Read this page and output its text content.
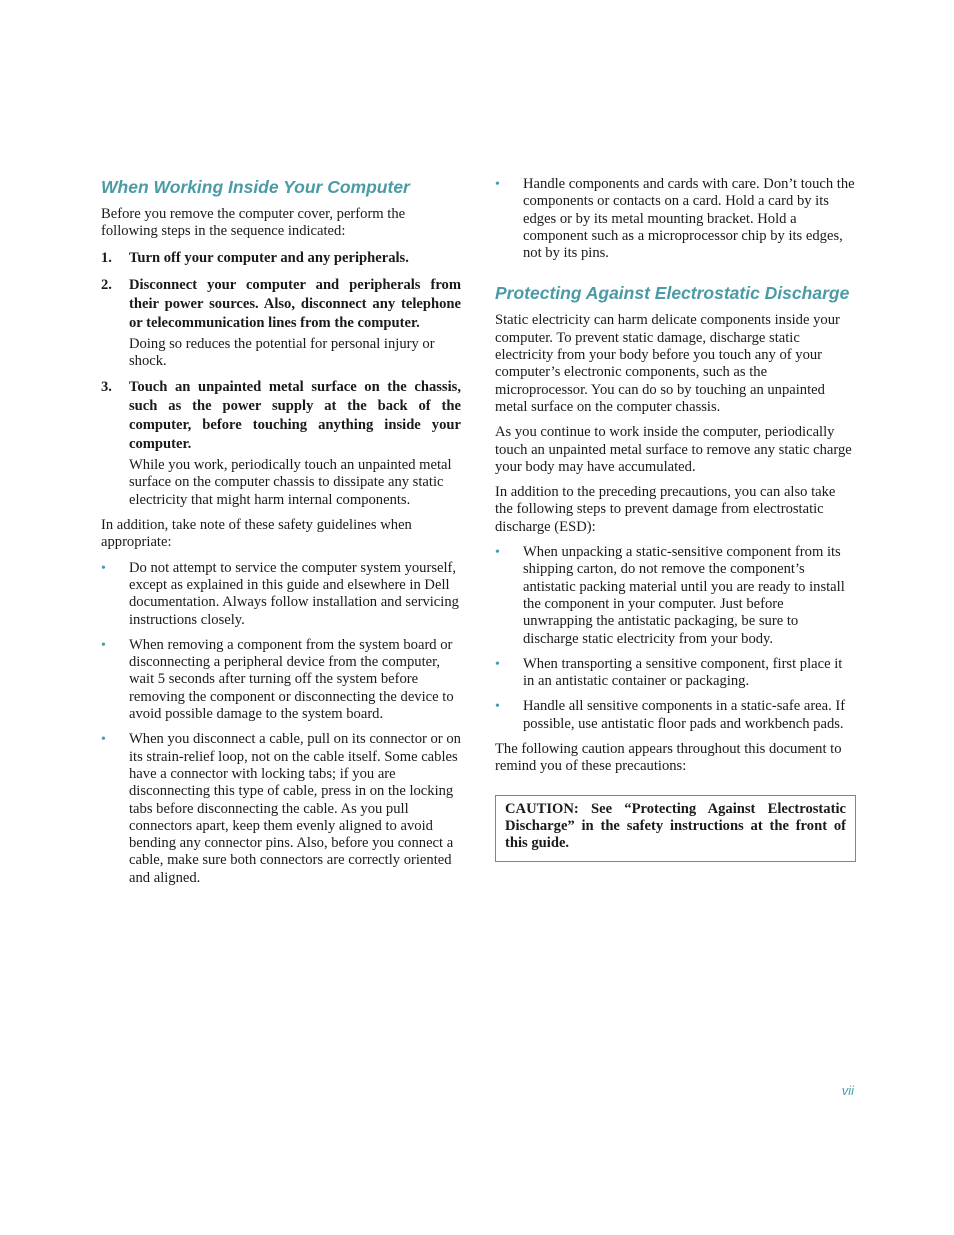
When Working Inside Your Computer

Before you remove the computer cover, perform the following steps in the sequence indicated:

1. Turn off your computer and any peripherals.

2. Disconnect your computer and peripherals from their power sources. Also, disconnect any telephone or telecommunication lines from the computer.

Doing so reduces the potential for personal injury or shock.

3. Touch an unpainted metal surface on the chassis, such as the power supply at the back of the computer, before touching anything inside your computer.

While you work, periodically touch an unpainted metal surface on the computer chassis to dissipate any static electricity that might harm internal components.

In addition, take note of these safety guidelines when appropriate:

• Do not attempt to service the computer system yourself, except as explained in this guide and elsewhere in Dell documentation. Always follow installation and servicing instructions closely.
• When removing a component from the system board or disconnecting a peripheral device from the computer, wait 5 seconds after turning off the system before removing the component or disconnecting the device to avoid possible damage to the system board.
• When you disconnect a cable, pull on its connector or on its strain-relief loop, not on the cable itself. Some cables have a connector with locking tabs; if you are disconnecting this type of cable, press in on the locking tabs before disconnecting the cable. As you pull connectors apart, keep them evenly aligned to avoid bending any connector pins. Also, before you connect a cable, make sure both connectors are correctly oriented and aligned.
• Handle components and cards with care. Don’t touch the components or contacts on a card. Hold a card by its edges or by its metal mounting bracket. Hold a component such as a microprocessor chip by its edges, not by its pins.
Protecting Against Electrostatic Discharge

Static electricity can harm delicate components inside your computer. To prevent static damage, discharge static electricity from your body before you touch any of your computer’s electronic components, such as the microprocessor. You can do so by touching an unpainted metal surface on the computer chassis.

As you continue to work inside the computer, periodically touch an unpainted metal surface to remove any static charge your body may have accumulated.

In addition to the preceding precautions, you can also take the following steps to prevent damage from electrostatic discharge (ESD):

• When unpacking a static-sensitive component from its shipping carton, do not remove the component’s antistatic packing material until you are ready to install the component in your computer. Just before unwrapping the antistatic packaging, be sure to discharge static electricity from your body.
• When transporting a sensitive component, first place it in an antistatic container or packaging.
• Handle all sensitive components in a static-safe area. If possible, use antistatic floor pads and workbench pads.

The following caution appears throughout this document to remind you of these precautions:

CAUTION: See “Protecting Against Electrostatic Discharge” in the safety instructions at the front of this guide.
vii
